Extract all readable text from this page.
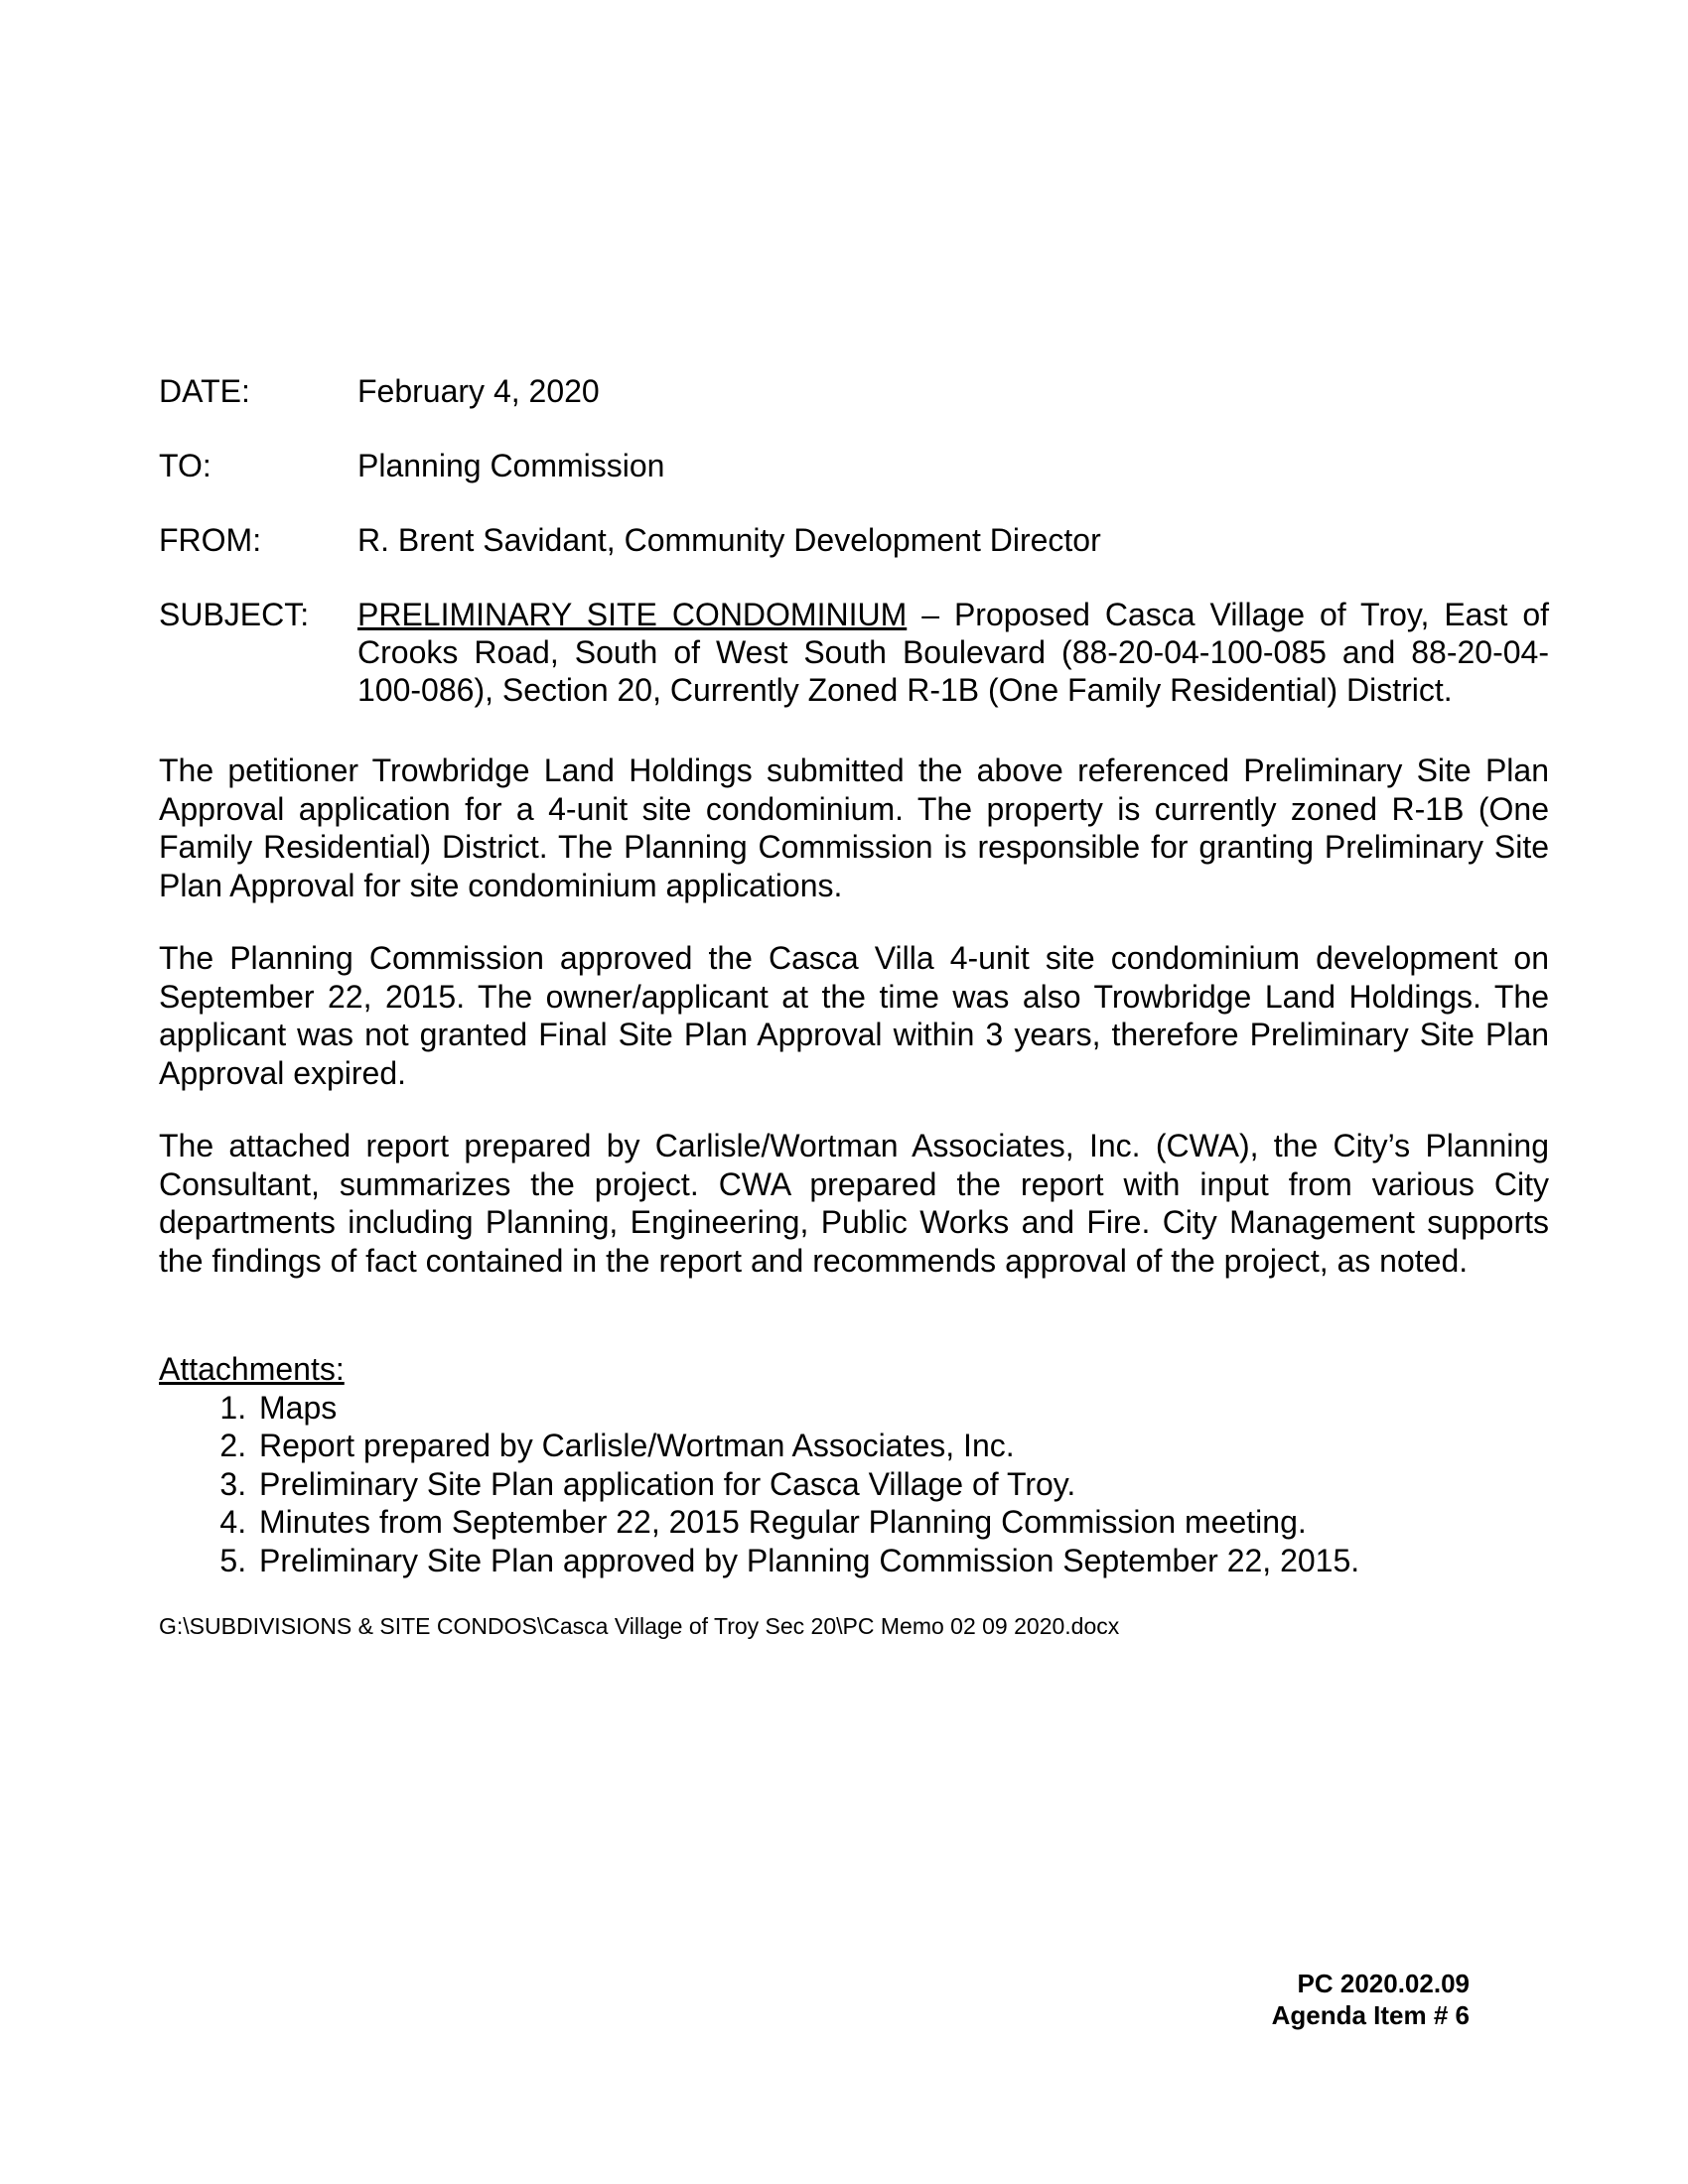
DATE:	February 4, 2020
TO:	Planning Commission
FROM:	R. Brent Savidant, Community Development Director
SUBJECT:	PRELIMINARY SITE CONDOMINIUM – Proposed Casca Village of Troy, East of Crooks Road, South of West South Boulevard (88-20-04-100-085 and 88-20-04-100-086), Section 20, Currently Zoned R-1B (One Family Residential) District.

The petitioner Trowbridge Land Holdings submitted the above referenced Preliminary Site Plan Approval application for a 4-unit site condominium. The property is currently zoned R-1B (One Family Residential) District. The Planning Commission is responsible for granting Preliminary Site Plan Approval for site condominium applications.

The Planning Commission approved the Casca Villa 4-unit site condominium development on September 22, 2015. The owner/applicant at the time was also Trowbridge Land Holdings. The applicant was not granted Final Site Plan Approval within 3 years, therefore Preliminary Site Plan Approval expired.

The attached report prepared by Carlisle/Wortman Associates, Inc. (CWA), the City’s Planning Consultant, summarizes the project. CWA prepared the report with input from various City departments including Planning, Engineering, Public Works and Fire. City Management supports the findings of fact contained in the report and recommends approval of the project, as noted.

Attachments:
1. Maps
2. Report prepared by Carlisle/Wortman Associates, Inc.
3. Preliminary Site Plan application for Casca Village of Troy.
4. Minutes from September 22, 2015 Regular Planning Commission meeting.
5. Preliminary Site Plan approved by Planning Commission September 22, 2015.
G:\SUBDIVISIONS & SITE CONDOS\Casca Village of Troy Sec 20\PC Memo 02 09 2020.docx
PC 2020.02.09
Agenda Item # 6
